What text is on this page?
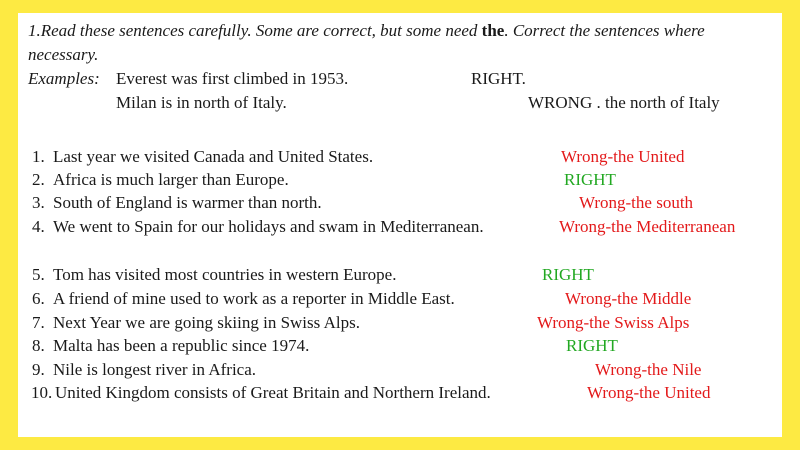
1.Read these sentences carefully. Some are correct, but some need the. Correct the sentences where necessary.
Examples: Everest was first climbed in 1953.	RIGHT.
Milan is in north of Italy.	WRONG . the north of Italy
1. Last year we visited Canada and United States.	Wrong-the United
2. Africa is much larger than Europe.	RIGHT
3. South of England is warmer than north.	Wrong-the south
4. We went to Spain for our holidays and swam in Mediterranean.	Wrong-the Mediterranean
5. Tom has visited most countries in western Europe.	RIGHT
6. A friend of mine used to work as a reporter in Middle East.	Wrong-the Middle
7. Next Year we are going skiing in Swiss Alps.	Wrong-the Swiss Alps
8. Malta has been a republic since 1974.	RIGHT
9. Nile is longest river in Africa.	Wrong-the Nile
10. United Kingdom consists of Great Britain and Northern Ireland.	Wrong-the United
